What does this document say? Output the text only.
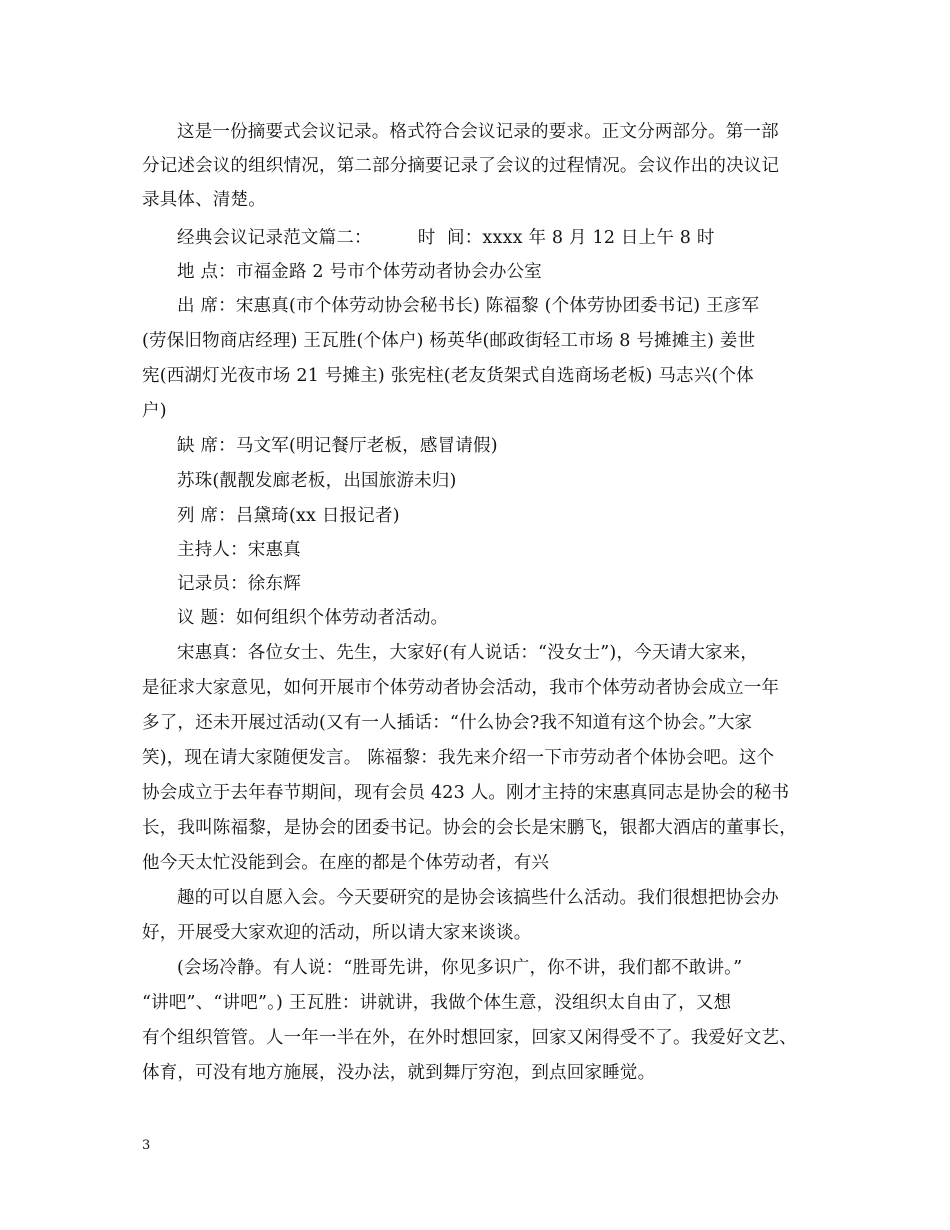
这是一份摘要式会议记录。格式符合会议记录的要求。正文分两部分。第一部
分记述会议的组织情况，第二部分摘要记录了会议的过程情况。会议作出的决议记
录具体、清楚。
经典会议记录范文篇二：        时  间：xxxx 年 8 月 12 日上午 8 时
地 点：市福金路 2 号市个体劳动者协会办公室
出 席：宋惠真(市个体劳动协会秘书长) 陈福黎 (个体劳协团委书记) 王彦军
(劳保旧物商店经理) 王瓦胜(个体户) 杨英华(邮政街轻工市场 8 号摊摊主) 姜世
宪(西湖灯光夜市场 21 号摊主) 张宪柱(老友货架式自选商场老板) 马志兴(个体
户)
缺 席：马文军(明记餐厅老板，感冒请假)
苏珠(靓靓发廊老板，出国旅游未归)
列 席：吕黛琦(xx 日报记者)
主持人：宋惠真
记录员：徐东辉
议 题：如何组织个体劳动者活动。
宋惠真：各位女士、先生，大家好(有人说话：“没女士”)，今天请大家来，
是征求大家意见，如何开展市个体劳动者协会活动，我市个体劳动者协会成立一年
多了，还未开展过活动(又有一人插话：“什么协会?我不知道有这个协会。”大家
笑)，现在请大家随便发言。 陈福黎：我先来介绍一下市劳动者个体协会吧。这个
协会成立于去年春节期间，现有会员 423 人。刚才主持的宋惠真同志是协会的秘书
长，我叫陈福黎，是协会的团委书记。协会的会长是宋鹏飞，银都大酒店的董事长，
他今天太忙没能到会。在座的都是个体劳动者，有兴
趣的可以自愿入会。今天要研究的是协会该搞些什么活动。我们很想把协会办
好，开展受大家欢迎的活动，所以请大家来谈谈。
(会场冷静。有人说：“胜哥先讲，你见多识广，你不讲，我们都不敢讲。”
“讲吧”、“讲吧”。) 王瓦胜：讲就讲，我做个体生意，没组织太自由了，又想
有个组织管管。人一年一半在外，在外时想回家，回家又闲得受不了。我爱好文艺、
体育，可没有地方施展，没办法，就到舞厅穷泡，到点回家睡觉。
3
